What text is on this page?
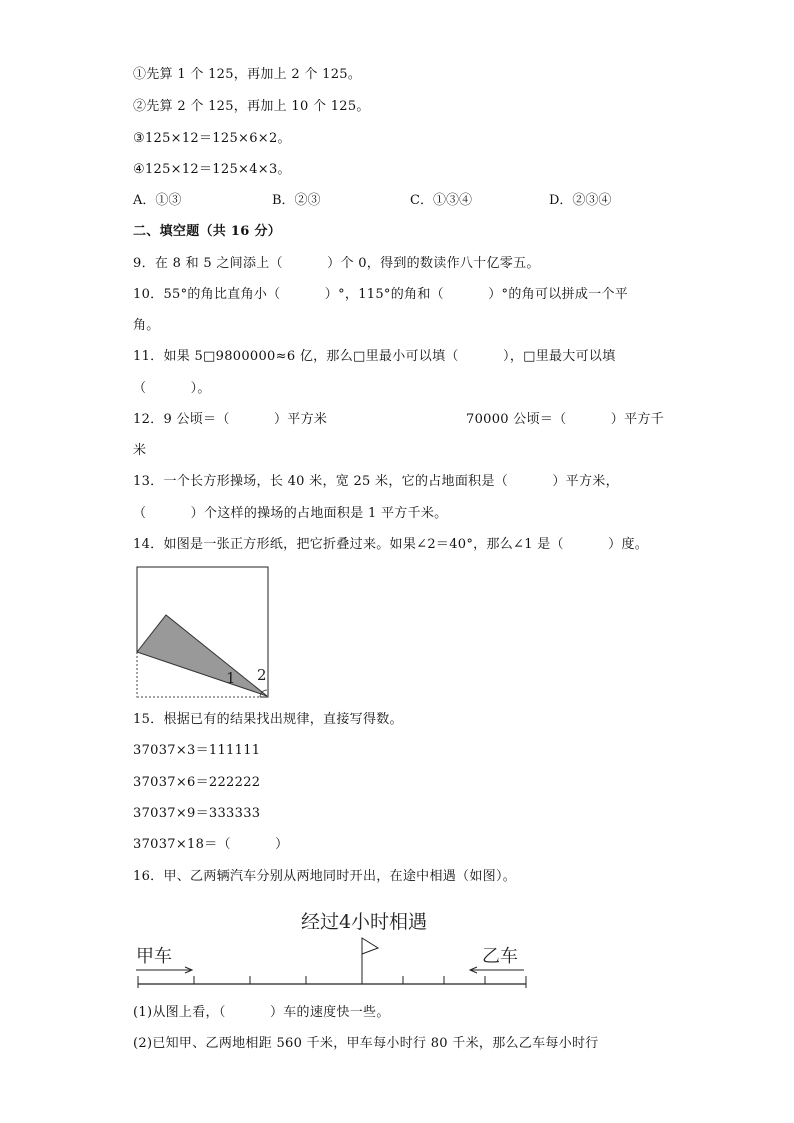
①先算 1 个 125，再加上 2 个 125。
②先算 2 个 125，再加上 10 个 125。
③125×12＝125×6×2。
④125×12＝125×4×3。
A．①③	B．②③	C．①③④	D．②③④
二、填空题（共 16 分）
9．在 8 和 5 之间添上（          ）个 0，得到的数读作八十亿零五。
10．55°的角比直角小（          ）°，115°的角和（          ）°的角可以拼成一个平
角。
11．如果 5□9800000≈6 亿，那么□里最小可以填（          ），□里最大可以填
（          ）。
12．9 公顷＝（          ）平方米	70000 公顷＝（          ）平方千
米
13．一个长方形操场，长 40 米，宽 25 米，它的占地面积是（          ）平方米，
（          ）个这样的操场的占地面积是 1 平方千米。
14．如图是一张正方形纸，把它折叠过来。如果∠2＝40°，那么∠1 是（          ）度。
1 2
15．根据已有的结果找出规律，直接写得数。
37037×3＝111111
37037×6＝222222
37037×9＝333333
37037×18＝（          ）
16．甲、乙两辆汽车分别从两地同时开出，在途中相遇（如图）。
经过4小时相遇
甲车	乙车
(1)从图上看，（          ）车的速度快一些。
(2)已知甲、乙两地相距 560 千米，甲车每小时行 80 千米，那么乙车每小时行
